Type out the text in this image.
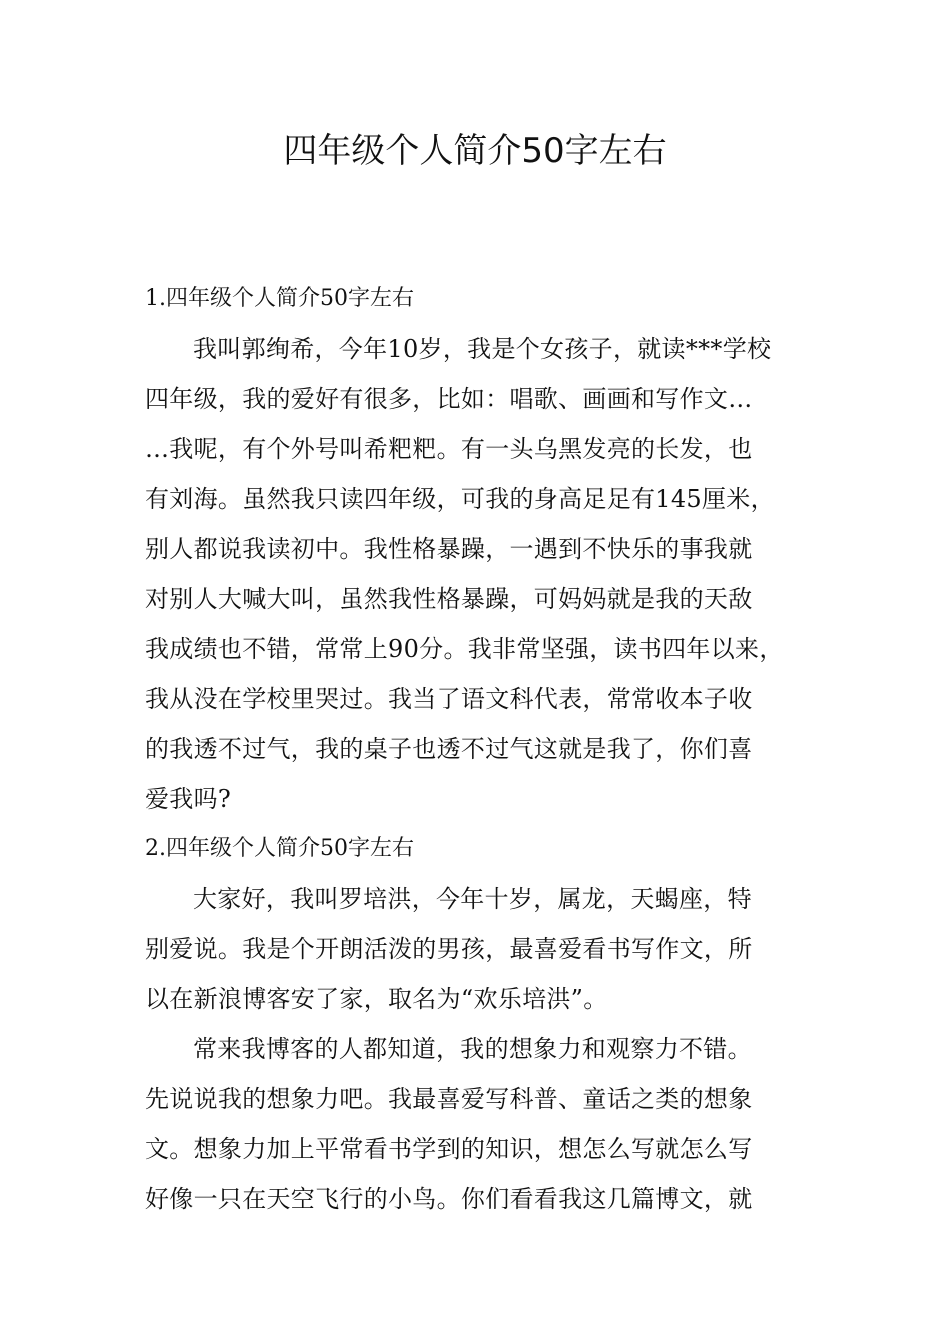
四年级个人简介50字左右
1.四年级个人简介50字左右
我叫郭绚希，今年10岁，我是个女孩子，就读***学校
四年级，我的爱好有很多，比如：唱歌、画画和写作文…
…我呢，有个外号叫希粑粑。有一头乌黑发亮的长发，也
有刘海。虽然我只读四年级，可我的身高足足有145厘米，
别人都说我读初中。我性格暴躁，一遇到不快乐的事我就
对别人大喊大叫，虽然我性格暴躁，可妈妈就是我的天敌
我成绩也不错，常常上90分。我非常坚强，读书四年以来，
我从没在学校里哭过。我当了语文科代表，常常收本子收
的我透不过气，我的桌子也透不过气这就是我了，你们喜
爱我吗?
2.四年级个人简介50字左右
大家好，我叫罗培洪，今年十岁，属龙，天蝎座，特
别爱说。我是个开朗活泼的男孩，最喜爱看书写作文，所
以在新浪博客安了家，取名为“欢乐培洪”。
常来我博客的人都知道，我的想象力和观察力不错。
先说说我的想象力吧。我最喜爱写科普、童话之类的想象
文。想象力加上平常看书学到的知识，想怎么写就怎么写
好像一只在天空飞行的小鸟。你们看看我这几篇博文，就
